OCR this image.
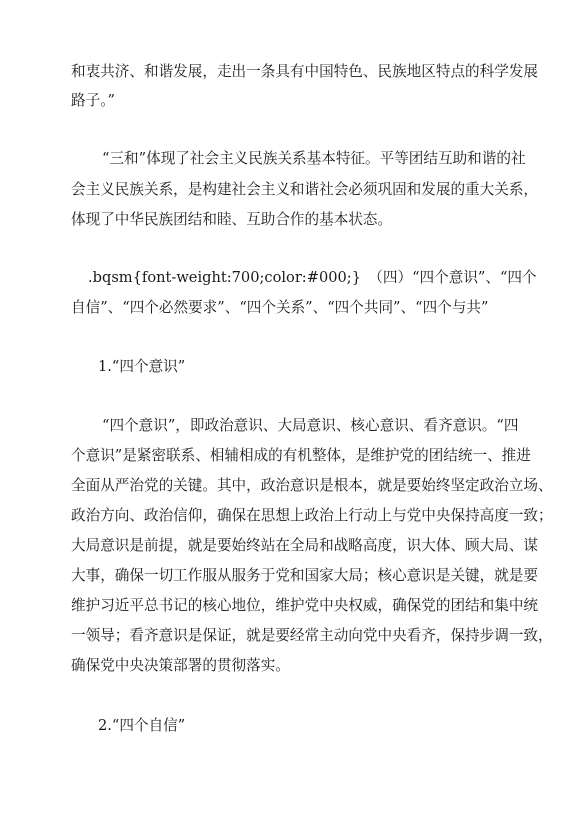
和衷共济、和谐发展，走出一条具有中国特色、民族地区特点的科学发展
路子。”
“三和”体现了社会主义民族关系基本特征。平等团结互助和谐的社
会主义民族关系，是构建社会主义和谐社会必须巩固和发展的重大关系，
体现了中华民族团结和睦、互助合作的基本状态。
.bqsm{font-weight:700;color:#000;}　（四）“四个意识”、“四个
自信”、“四个必然要求”、“四个关系”、“四个共同”、“四个与共”
1.“四个意识”
“四个意识”，即政治意识、大局意识、核心意识、看齐意识。“四
个意识”是紧密联系、相辅相成的有机整体，是维护党的团结统一、推进
全面从严治党的关键。其中，政治意识是根本，就是要始终坚定政治立场、
政治方向、政治信仰，确保在思想上政治上行动上与党中央保持高度一致；
大局意识是前提，就是要始终站在全局和战略高度，识大体、顾大局、谋
大事，确保一切工作服从服务于党和国家大局；核心意识是关键，就是要
维护习近平总书记的核心地位，维护党中央权威，确保党的团结和集中统
一领导；看齐意识是保证，就是要经常主动向党中央看齐，保持步调一致，
确保党中央决策部署的贯彻落实。
2.“四个自信”
